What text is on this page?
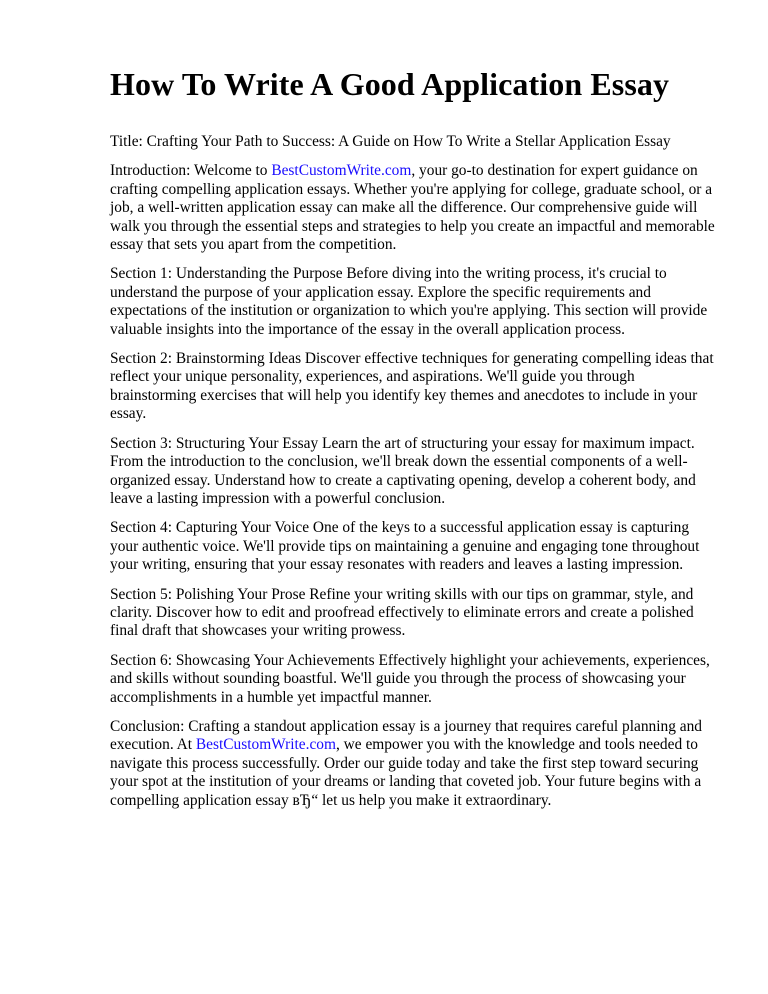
How To Write A Good Application Essay

Title: Crafting Your Path to Success: A Guide on How To Write a Stellar Application Essay

Introduction: Welcome to BestCustomWrite.com, your go-to destination for expert guidance on crafting compelling application essays. Whether you're applying for college, graduate school, or a job, a well-written application essay can make all the difference. Our comprehensive guide will walk you through the essential steps and strategies to help you create an impactful and memorable essay that sets you apart from the competition.

Section 1: Understanding the Purpose Before diving into the writing process, it's crucial to understand the purpose of your application essay. Explore the specific requirements and expectations of the institution or organization to which you're applying. This section will provide valuable insights into the importance of the essay in the overall application process.

Section 2: Brainstorming Ideas Discover effective techniques for generating compelling ideas that reflect your unique personality, experiences, and aspirations. We'll guide you through brainstorming exercises that will help you identify key themes and anecdotes to include in your essay.

Section 3: Structuring Your Essay Learn the art of structuring your essay for maximum impact. From the introduction to the conclusion, we'll break down the essential components of a well-organized essay. Understand how to create a captivating opening, develop a coherent body, and leave a lasting impression with a powerful conclusion.

Section 4: Capturing Your Voice One of the keys to a successful application essay is capturing your authentic voice. We'll provide tips on maintaining a genuine and engaging tone throughout your writing, ensuring that your essay resonates with readers and leaves a lasting impression.

Section 5: Polishing Your Prose Refine your writing skills with our tips on grammar, style, and clarity. Discover how to edit and proofread effectively to eliminate errors and create a polished final draft that showcases your writing prowess.

Section 6: Showcasing Your Achievements Effectively highlight your achievements, experiences, and skills without sounding boastful. We'll guide you through the process of showcasing your accomplishments in a humble yet impactful manner.

Conclusion: Crafting a standout application essay is a journey that requires careful planning and execution. At BestCustomWrite.com, we empower you with the knowledge and tools needed to navigate this process successfully. Order our guide today and take the first step toward securing your spot at the institution of your dreams or landing that coveted job. Your future begins with a compelling application essay вЂ“ let us help you make it extraordinary.
